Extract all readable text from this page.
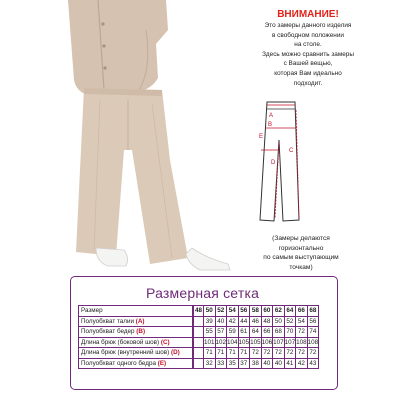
ВНИМАНИЕ!
Это замеры данного изделия
в свободном положении
на столе.
Здесь можно сравнить замеры
с Вашей вещью,
которая Вам идеально
подходит.
A
B
C
D
E
(Замеры делаются
горизонтально
по самым выступающим
точкам)
Размерная сетка
Размер		48	50	52	54	56	58	60	62	64	66	68
Полуобхват талии (A)			39	40	42	44	46	48	50	52	54	56
Полуобхват бедер (B)			55	57	59	61	64	66	68	70	72	74
Длина брюк (боковой шов) (C)			101	102	104	105	105	106	107	107	108	108
Длина брюк (внутренний шов) (D)			71	71	71	71	72	72	72	72	72	72
Полуобхват одного бедра (E)			32	33	35	37	38	40	40	41	42	43
